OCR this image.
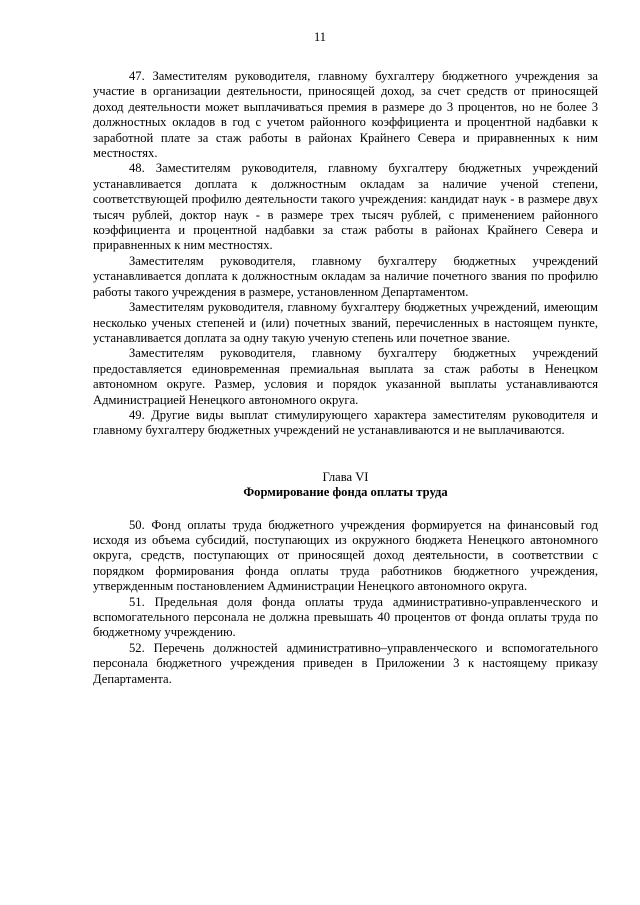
11

47. Заместителям руководителя, главному бухгалтеру бюджетного учреждения за участие в организации деятельности, приносящей доход, за счет средств от приносящей доход деятельности может выплачиваться премия в размере до 3 процентов, но не более 3 должностных окладов в год с учетом районного коэффициента и процентной надбавки к заработной плате за стаж работы в районах Крайнего Севера и приравненных к ним местностях.

48. Заместителям руководителя, главному бухгалтеру бюджетных учреждений устанавливается доплата к должностным окладам за наличие ученой степени, соответствующей профилю деятельности такого учреждения: кандидат наук - в размере двух тысяч рублей, доктор наук - в размере трех тысяч рублей, с применением районного коэффициента и процентной надбавки за стаж работы в районах Крайнего Севера и приравненных к ним местностях.

Заместителям руководителя, главному бухгалтеру бюджетных учреждений устанавливается доплата к должностным окладам за наличие почетного звания по профилю работы такого учреждения в размере, установленном Департаментом.

Заместителям руководителя, главному бухгалтеру бюджетных учреждений, имеющим несколько ученых степеней и (или) почетных званий, перечисленных в настоящем пункте, устанавливается доплата за одну такую ученую степень или почетное звание.

Заместителям руководителя, главному бухгалтеру бюджетных учреждений предоставляется единовременная премиальная выплата за стаж работы в Ненецком автономном округе. Размер, условия и порядок указанной выплаты устанавливаются Администрацией Ненецкого автономного округа.

49. Другие виды выплат стимулирующего характера заместителям руководителя и главному бухгалтеру бюджетных учреждений не устанавливаются и не выплачиваются.

Глава VI

Формирование фонда оплаты труда

50. Фонд оплаты труда бюджетного учреждения формируется на финансовый год исходя из объема субсидий, поступающих из окружного бюджета Ненецкого автономного округа, средств, поступающих от приносящей доход деятельности, в соответствии с порядком формирования фонда оплаты труда работников бюджетного учреждения, утвержденным постановлением Администрации Ненецкого автономного округа.

51. Предельная доля фонда оплаты труда административно-управленческого и вспомогательного персонала не должна превышать 40 процентов от фонда оплаты труда по бюджетному учреждению.

52. Перечень должностей административно–управленческого и вспомогательного персонала бюджетного учреждения приведен в Приложении 3 к настоящему приказу Департамента.
